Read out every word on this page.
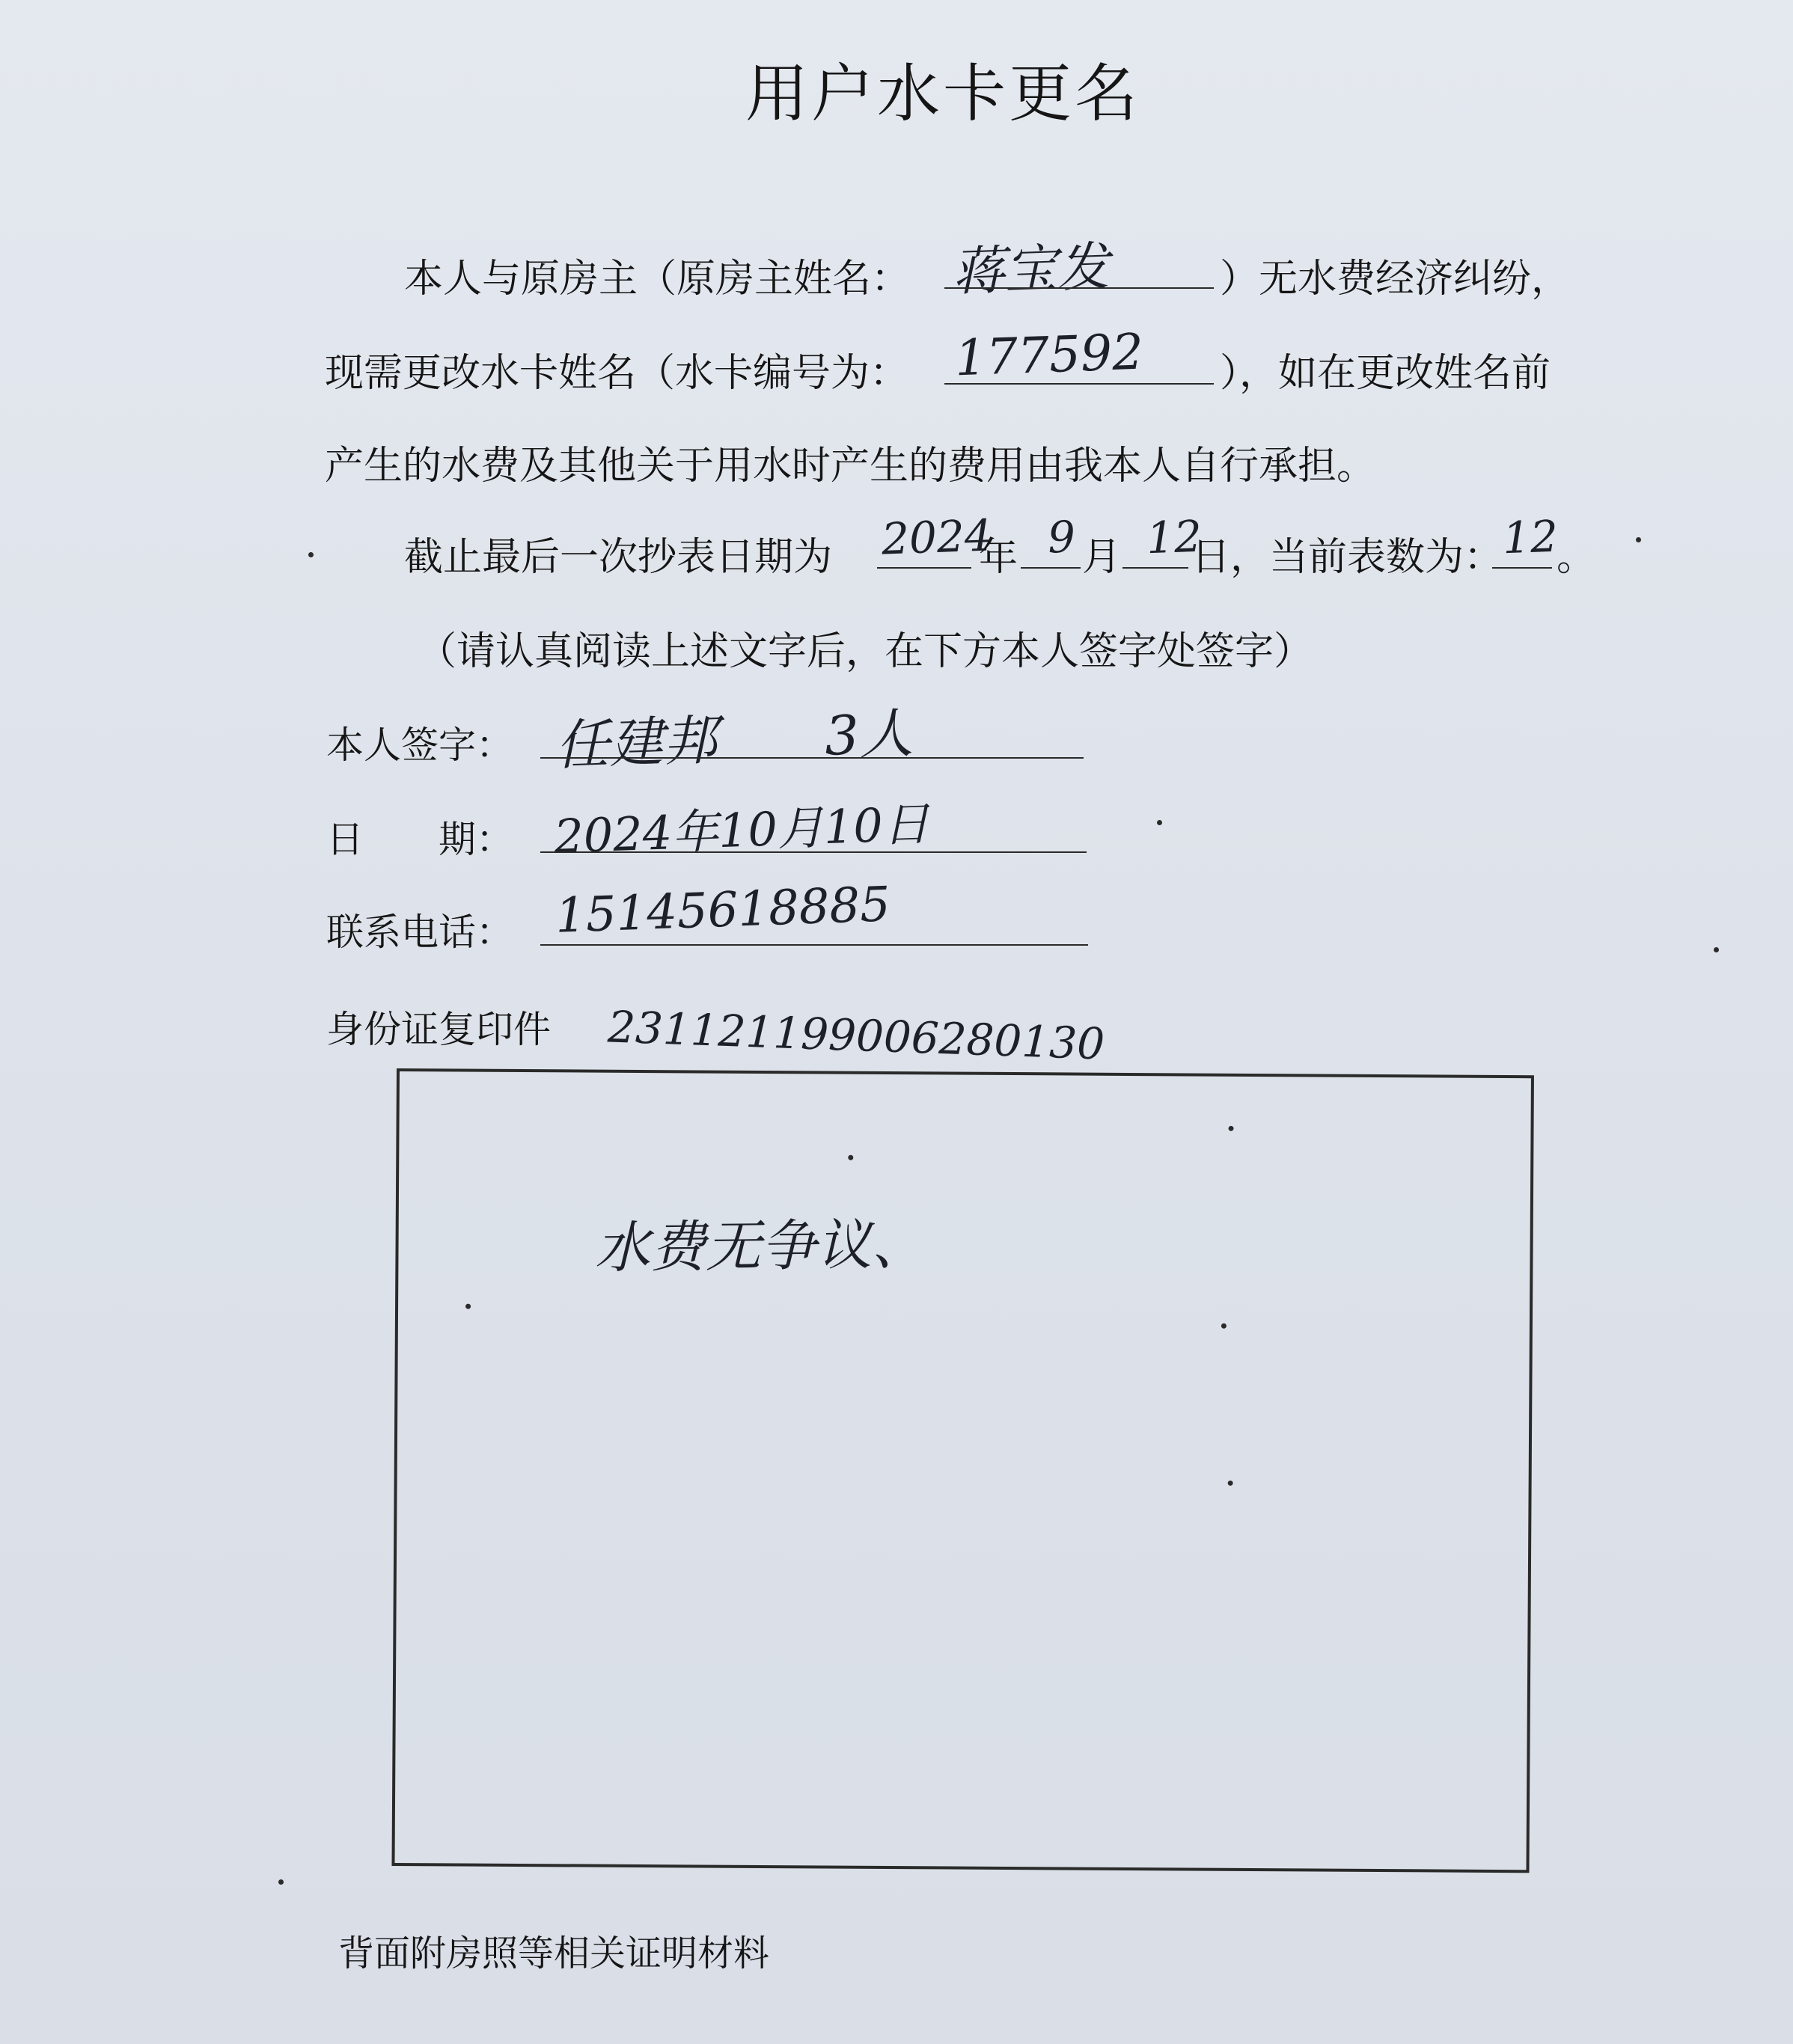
用户水卡更名
本人与原房主（原房主姓名： 蒋宝发	）无水费经济纠纷，
现需更改水卡姓名（水卡编号为： 177592 ），如在更改姓名前
产生的水费及其他关于用水时产生的费用由我本人自行承担。
截止最后一次抄表日期为 2024
年 9 月 12
日，当前表数为：
12
。
（请认真阅读上述文字后，在下方本人签字处签字）
本人签字： 任建邦　　3人
日　　期： 2024年10月10日
联系电话： 15145618885
身份证复印件 231121199006280130
水费无争议、
背面附房照等相关证明材料
